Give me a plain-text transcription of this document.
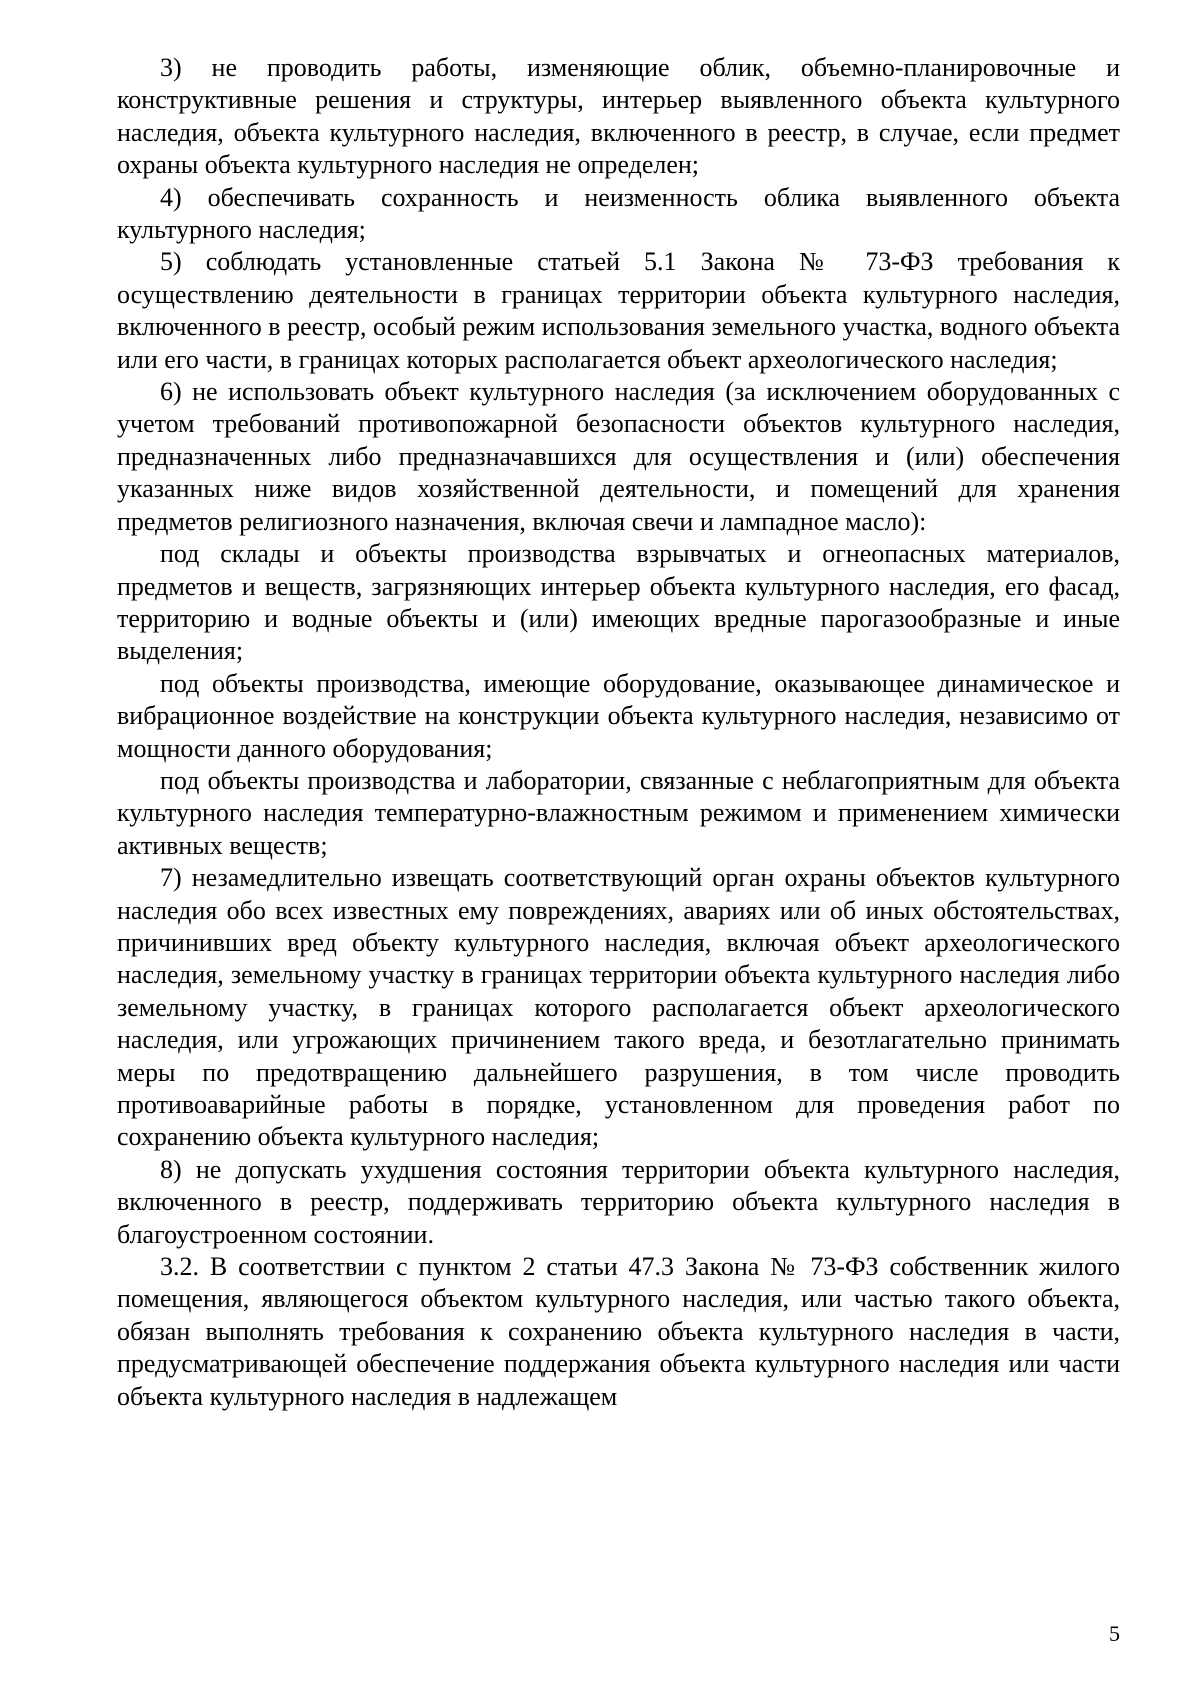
3) не проводить работы, изменяющие облик, объемно-планировочные и конструктивные решения и структуры, интерьер выявленного объекта культурного наследия, объекта культурного наследия, включенного в реестр, в случае, если предмет охраны объекта культурного наследия не определен;

4) обеспечивать сохранность и неизменность облика выявленного объекта культурного наследия;

5) соблюдать установленные статьей 5.1 Закона № 73-ФЗ требования к осуществлению деятельности в границах территории объекта культурного наследия, включенного в реестр, особый режим использования земельного участка, водного объекта или его части, в границах которых располагается объект археологического наследия;

6) не использовать объект культурного наследия (за исключением оборудованных с учетом требований противопожарной безопасности объектов культурного наследия, предназначенных либо предназначавшихся для осуществления и (или) обеспечения указанных ниже видов хозяйственной деятельности, и помещений для хранения предметов религиозного назначения, включая свечи и лампадное масло):

под склады и объекты производства взрывчатых и огнеопасных материалов, предметов и веществ, загрязняющих интерьер объекта культурного наследия, его фасад, территорию и водные объекты и (или) имеющих вредные парогазообразные и иные выделения;

под объекты производства, имеющие оборудование, оказывающее динамическое и вибрационное воздействие на конструкции объекта культурного наследия, независимо от мощности данного оборудования;

под объекты производства и лаборатории, связанные с неблагоприятным для объекта культурного наследия температурно-влажностным режимом и применением химически активных веществ;

7) незамедлительно извещать соответствующий орган охраны объектов культурного наследия обо всех известных ему повреждениях, авариях или об иных обстоятельствах, причинивших вред объекту культурного наследия, включая объект археологического наследия, земельному участку в границах территории объекта культурного наследия либо земельному участку, в границах которого располагается объект археологического наследия, или угрожающих причинением такого вреда, и безотлагательно принимать меры по предотвращению дальнейшего разрушения, в том числе проводить противоаварийные работы в порядке, установленном для проведения работ по сохранению объекта культурного наследия;

8) не допускать ухудшения состояния территории объекта культурного наследия, включенного в реестр, поддерживать территорию объекта культурного наследия в благоустроенном состоянии.

3.2. В соответствии с пунктом 2 статьи 47.3 Закона № 73-ФЗ собственник жилого помещения, являющегося объектом культурного наследия, или частью такого объекта, обязан выполнять требования к сохранению объекта культурного наследия в части, предусматривающей обеспечение поддержания объекта культурного наследия или части объекта культурного наследия в надлежащем

5
